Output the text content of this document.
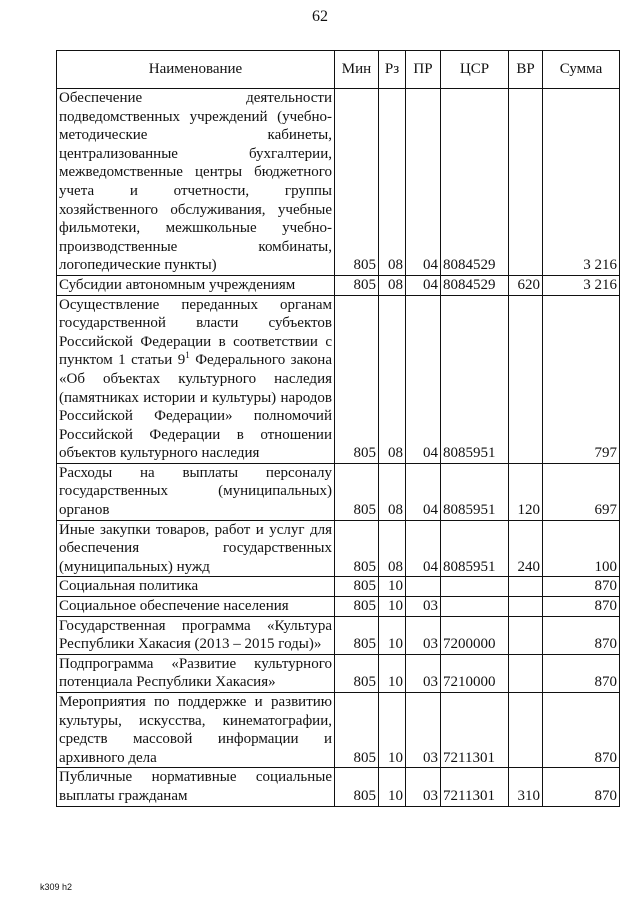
62
Наименование	Мин	Рз	ПР	ЦСР	ВР	Сумма
Обеспечение деятельности подведомственных учреждений (учебно-методические кабинеты, централизованные бухгалтерии, межведомственные центры бюджетного учета и отчетности, группы хозяйственного обслуживания, учебные фильмотеки, межшкольные учебно-производственные комбинаты, логопедические пункты)	805	08	04	8084529		3 216
Субсидии автономным учреждениям	805	08	04	8084529	620	3 216
Осуществление переданных органам государственной власти субъектов Российской Федерации в соответствии с пунктом 1 статьи $9^1$ Федерального закона «Об объектах культурного наследия (памятниках истории и культуры) народов Российской Федерации» полномочий Российской Федерации в отношении объектов культурного наследия	805	08	04	8085951		797
Расходы на выплаты персоналу государственных (муниципальных) органов	805	08	04	8085951	120	697
Иные закупки товаров, работ и услуг для обеспечения государственных (муниципальных) нужд	805	08	04	8085951	240	100
Социальная политика	805	10				870
Социальное обеспечение населения	805	10	03			870
Государственная программа «Культура Республики Хакасия (2013 – 2015 годы)»	805	10	03	7200000		870
Подпрограмма «Развитие культурного потенциала Республики Хакасия»	805	10	03	7210000		870
Мероприятия по поддержке и развитию культуры, искусства, кинематографии, средств массовой информации и архивного дела	805	10	03	7211301		870
Публичные нормативные социальные выплаты гражданам	805	10	03	7211301	310	870
k309 h2
